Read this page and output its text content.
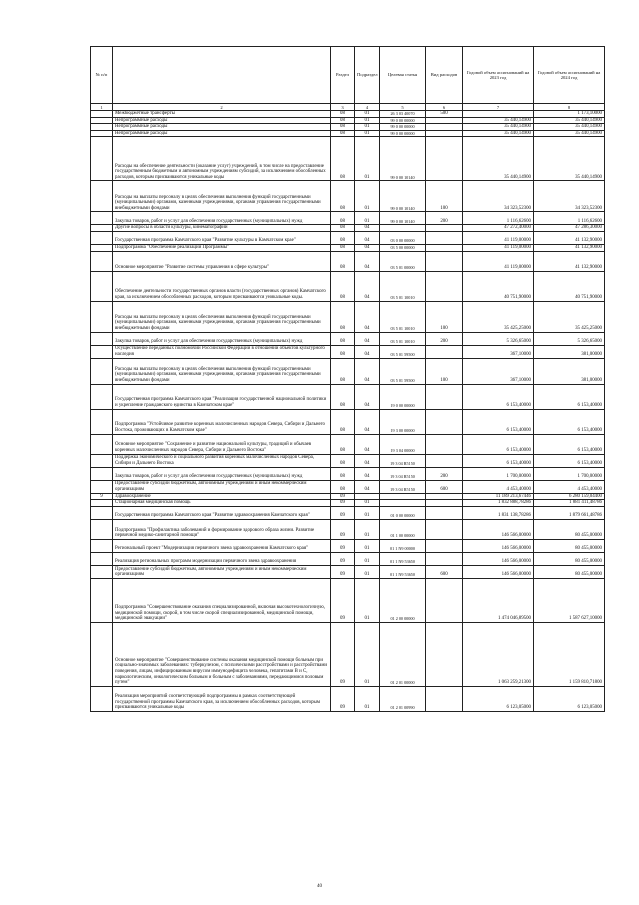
№ п/п		Раздел	Подраздел	Целевая статья	Вид расходов	Годовой объем ассигнований на 2023 год	Годовой объем ассигнований на 2024 год
1	2	3	4	5	6	7	8
	Межбюджетные трансферты	08	01	26 3 03 40070	500		1 173,10000
	Непрограммные расходы	08	01	99 0 00 00000		35 440,14900	35 440,14900
	Непрограммные расходы	08	01	99 0 00 00000		35 440,14900	35 440,14900
	Непрограммные расходы	08	01	99 0 00 00000		35 440,14900	35 440,14900
	Расходы на обеспечение деятельности (оказание услуг) учреждений, в том числе на предоставление государственным бюджетным и автономным учреждениям субсидий, за исключением обособленных расходов, которым присваиваются уникальные коды	08	01	99 0 00 10140		35 440,14900	35 440,14900
	Расходы на выплаты персоналу в целях обеспечения выполнения функций государственными (муниципальными) органами, казенными учреждениями, органами управления государственными внебюджетными фондами	08	01	99 0 00 10140	100	34 323,52300	34 323,52300
	Закупка товаров, работ и услуг для обеспечения государственных (муниципальных) нужд	08	01	99 0 00 10140	200	1 116,62600	1 116,62600
	Другие вопросы в области культуры, кинематографии	08	04			47 272,40000	47 286,30000
	Государственная программа Камчатского края "Развитие культуры в Камчатском крае"	08	04	03 0 00 00000		41 119,00000	41 132,90000
	Подпрограмма "Обеспечение реализации Программы"	08	04	03 5 00 00000		41 119,00000	41 132,90000
	Основное мероприятие "Развитие системы управления в сфере культуры"	08	04	03 5 01 00000		41 119,00000	41 132,90000
	Обеспечение деятельности государственных органов власти (государственных органов) Камчатского края, за исключением обособленных расходов, которым присваиваются уникальные коды.	08	04	03 5 01 10010		40 751,90000	40 751,90000
	Расходы на выплаты персоналу в целях обеспечения выполнения функций государственными (муниципальными) органами, казенными учреждениями, органами управления государственными внебюджетными фондами	08	04	03 5 01 10010	100	35 425,25000	35 425,25000
	Закупка товаров, работ и услуг для обеспечения государственных (муниципальных) нужд	08	04	03 5 01 10010	200	5 326,65000	5 326,65000
	Осуществление переданных полномочий Российской Федерации в отношении объектов культурного наследия	08	04	03 5 01 59500		367,10000	381,00000
	Расходы на выплаты персоналу в целях обеспечения выполнения функций государственными (муниципальными) органами, казенными учреждениями, органами управления государственными внебюджетными фондами	08	04	03 5 01 59500	100	367,10000	381,00000
	Государственная программа Камчатского края "Реализация государственной национальной политики и укрепление гражданского единства в Камчатском крае"	08	04	19 0 00 00000		6 153,40000	6 153,40000
	Подпрограмма "Устойчивое развитие коренных малочисленных народов Севера, Сибири и Дальнего Востока, проживающих в Камчатском крае"	08	04	19 3 00 00000		6 153,40000	6 153,40000
	Основное мероприятие "Сохранение и развитие национальной культуры, традиций и обычаев коренных малочисленных народов Севера, Сибири и Дальнего Востока"	08	04	19 3 04 00000		6 153,40000	6 153,40000
	Поддержка экономического и социального развития коренных малочисленных народов Севера, Сибири и Дальнего Востока	08	04	19 3 04 R5150		6 153,40000	6 153,40000
	Закупка товаров, работ и услуг для обеспечения государственных (муниципальных) нужд	08	04	19 3 04 R5150	200	1 700,00000	1 700,00000
	Предоставление субсидий бюджетным, автономным учреждениям и иным некоммерческим организациям	08	04	19 3 04 R5150	600	4 453,40000	4 453,40000
9	Здравоохранение	09				11 189 213,67446	6 280 159,04400
	Стационарная медицинская помощь	09	01			1 832 888,78286	1 881 411,48786
	Государственная программа Камчатского края "Развитие здравоохранения Камчатского края"	09	01	01 0 00 00000		1 831 138,78286	1 879 661,48786
	Подпрограмма "Профилактика заболеваний и формирование здорового образа жизни. Развитие первичной медико-санитарной помощи"	09	01	01 1 00 00000		146 566,00000	80 455,00000
	Региональный проект "Модернизация первичного звена здравоохранения Камчатского края"	09	01	01 1 N9 00000		146 566,00000	80 455,00000
	Реализация региональных программ модернизации первичного звена здравоохранения	09	01	01 1 N9 53650		146 566,00000	80 455,00000
	Предоставление субсидий бюджетным, автономным учреждениям и иным некоммерческим организациям	09	01	01 1 N9 53650	600	146 566,00000	80 455,00000
	Подпрограмма "Совершенствование оказания специализированной, включая высокотехнологичную, медицинской помощи, скорой, в том числе скорой специализированной, медицинской помощи, медицинской эвакуации"	09	01	01 2 00 00000		1 474 046,89500	1 587 627,10000
	Основное мероприятие "Совершенствование системы оказания медицинской помощи больным при социально-значимых заболеваниях: туберкулезом, с психическими расстройствами и расстройствами поведения, лицам, инфицированным вирусом иммунодефицита человека, гепатитами В и С, наркологическим, онкологическим больным и больным с заболеваниями, передающимися половым путем"	09	01	01 2 01 00000		1 063 259,21300	1 159 810,71800
	Реализация мероприятий соответствующей подпрограммы в рамках соответствующей государственной программы Камчатского края, за исключением обособленных расходов, которым присваиваются уникальные коды	09	01	01 2 01 00990		6 123,05000	6 123,05000
40
